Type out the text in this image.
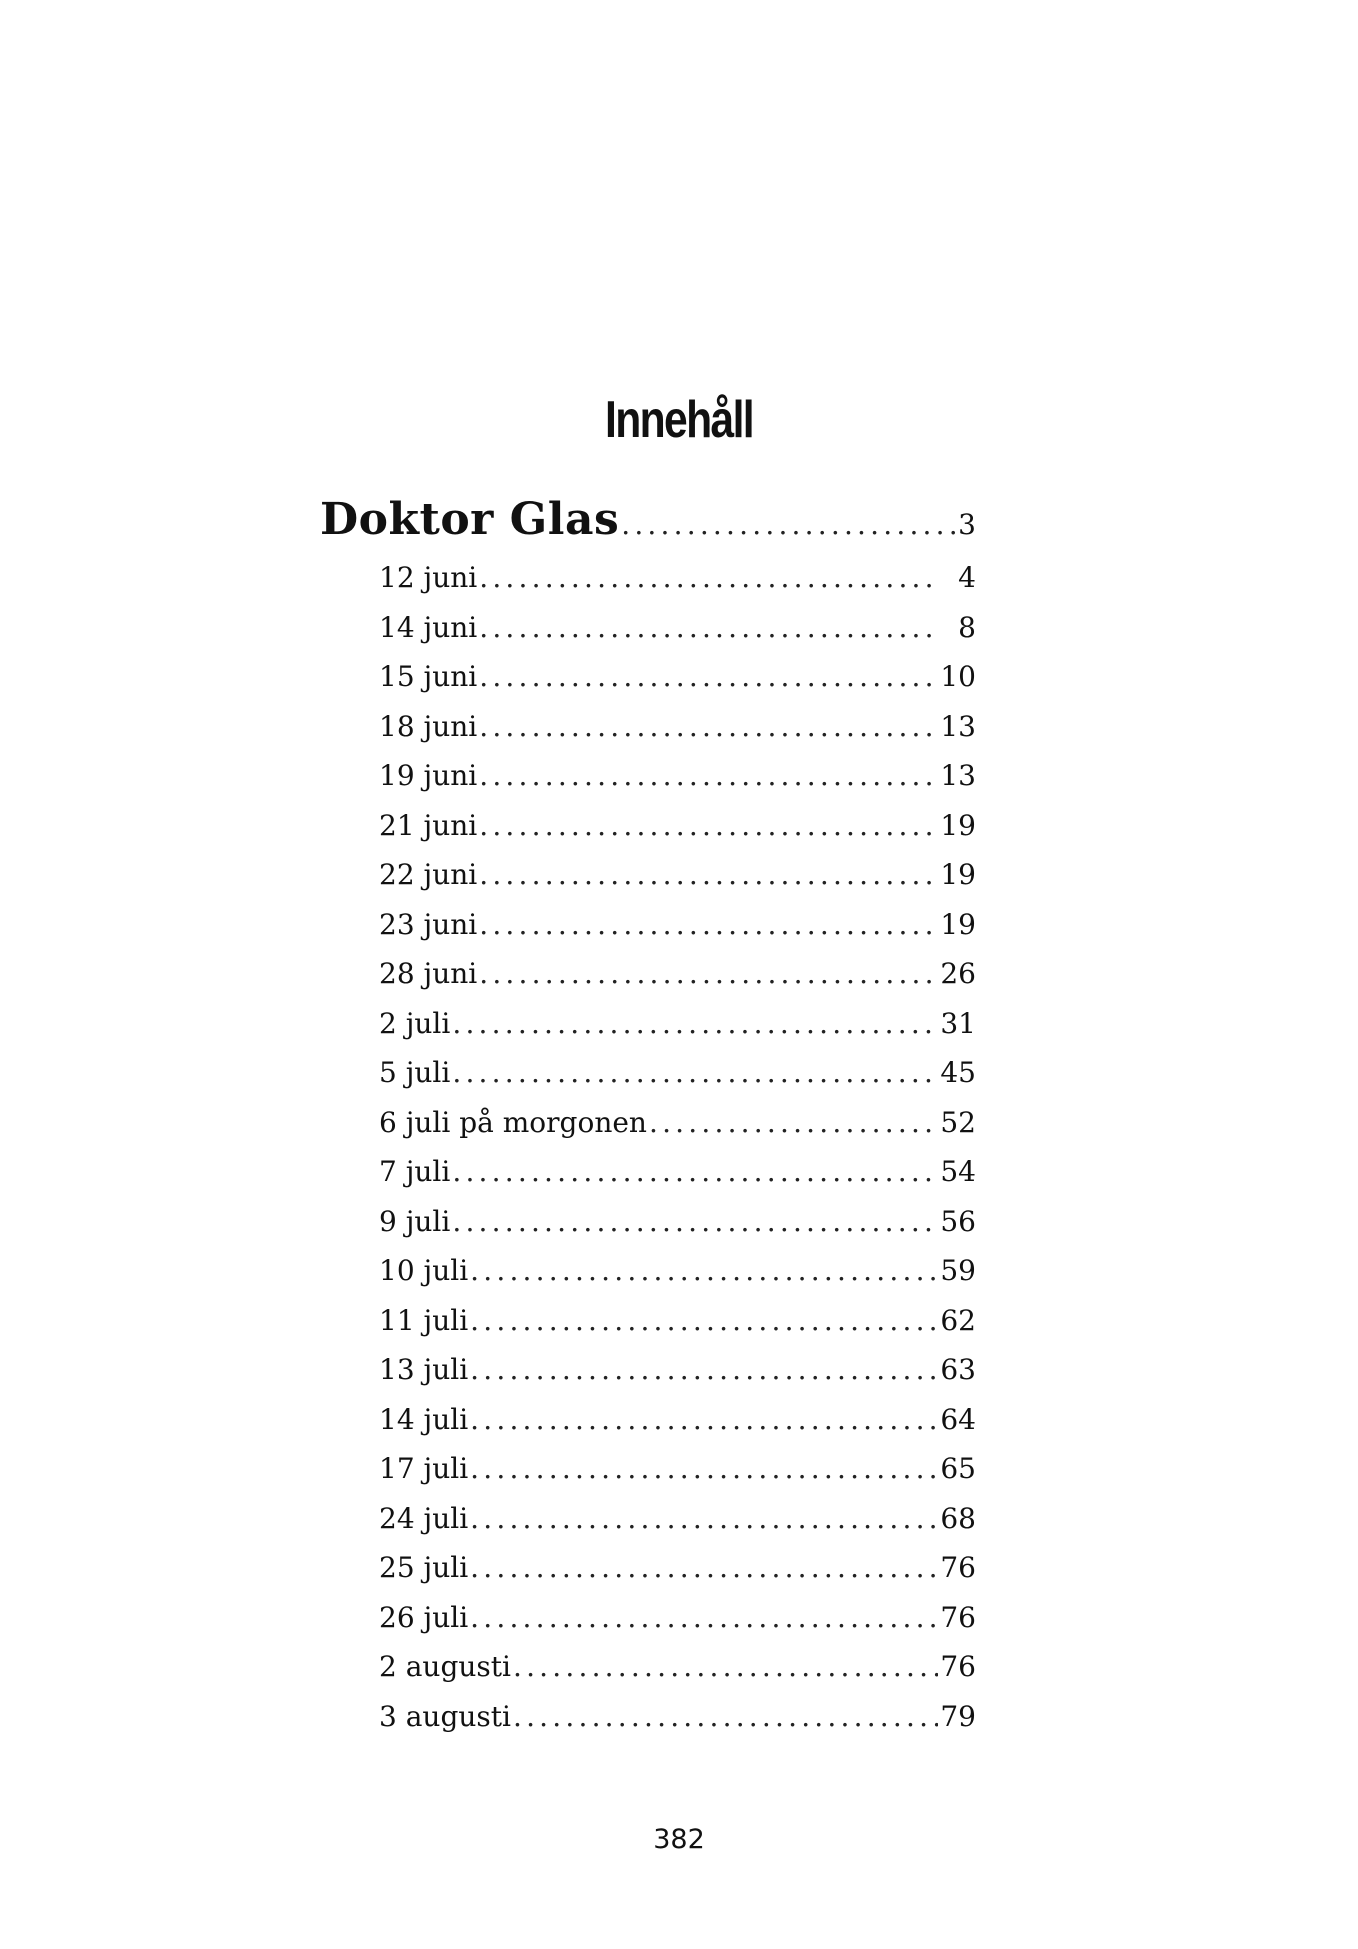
Innehåll
Doktor Glas .....	3
12 juni .....	4
14 juni .....	8
15 juni .....	10
18 juni .....	13
19 juni .....	13
21 juni .....	19
22 juni .....	19
23 juni .....	19
28 juni .....	26
2 juli .....	31
5 juli .....	45
6 juli på morgonen .....	52
7 juli .....	54
9 juli .....	56
10 juli .....	59
11 juli .....	62
13 juli .....	63
14 juli .....	64
17 juli .....	65
24 juli .....	68
25 juli .....	76
26 juli .....	76
2 augusti .....	76
3 augusti .....	79
382
